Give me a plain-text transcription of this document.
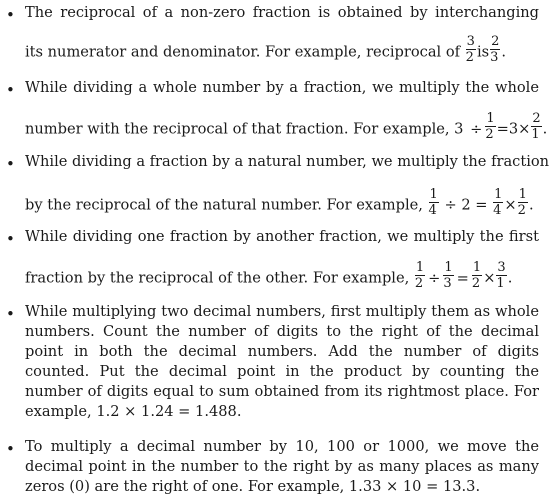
• The reciprocal of a non-zero fraction is obtained by interchanging
its numerator and denominator. For example, reciprocal of $\frac{3}{2}$ is $\frac{2}{3}$ .
• While dividing a whole number by a fraction, we multiply the whole
number with the reciprocal of that fraction. For example, $3 \div \frac{1}{2} =3\times \frac{2}{1}$ .
• While dividing a fraction by a natural number, we multiply the fraction
by the reciprocal of the natural number. For example, $\frac{1}{4} \div 2 = \frac{1}{4} \times \frac{1}{2}$ .
• While dividing one fraction by another fraction, we multiply the first
fraction by the reciprocal of the other. For example, $\frac{1}{2} \div \frac{1}{3} = \frac{1}{2} \times \frac{3}{1}$ .
• While multiplying two decimal numbers, first multiply them as whole
numbers. Count the number of digits to the right of the decimal
point in both the decimal numbers. Add the number of digits
counted. Put the decimal point in the product by counting the
number of digits equal to sum obtained from its rightmost place. For
example, 1.2 × 1.24 = 1.488.
• To multiply a decimal number by 10, 100 or 1000, we move the
decimal point in the number to the right by as many places as many
zeros (0) are the right of one. For example, 1.33 × 10 = 13.3.
